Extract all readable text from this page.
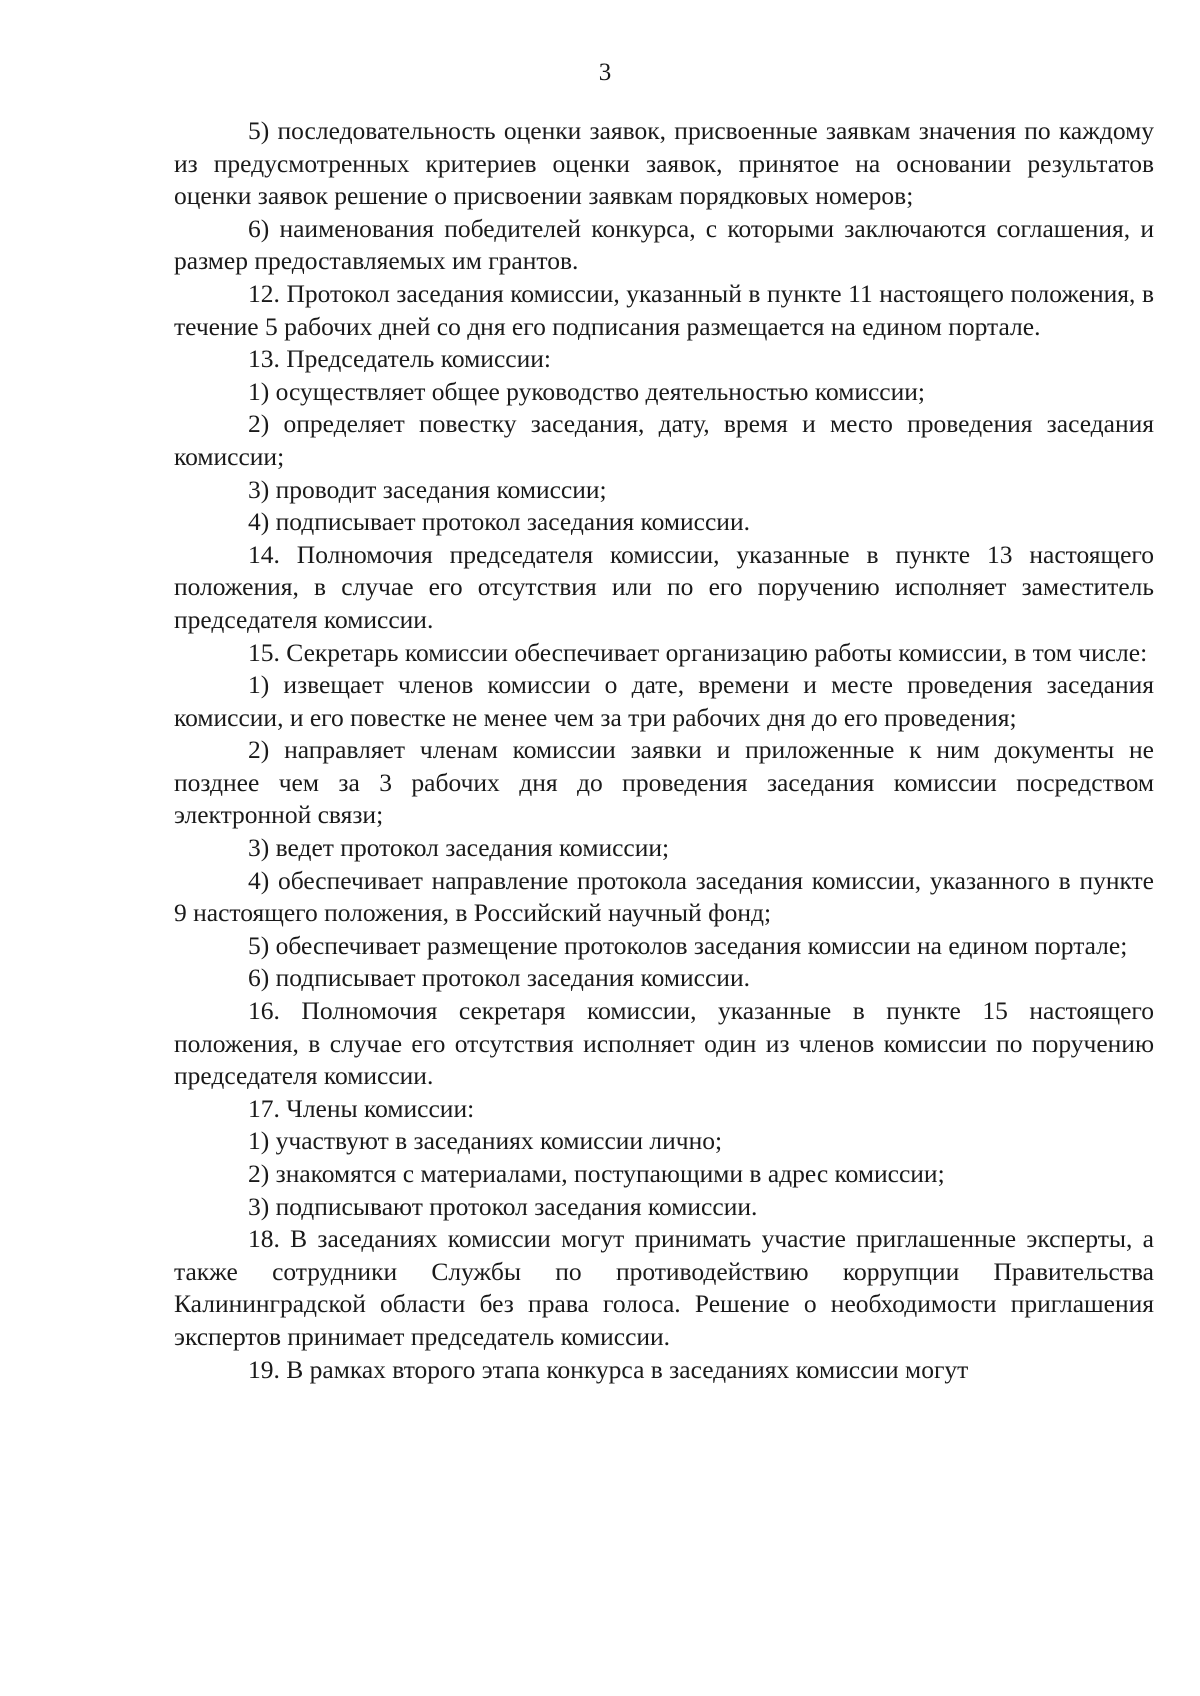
3

5) последовательность оценки заявок, присвоенные заявкам значения по каждому из предусмотренных критериев оценки заявок, принятое на основании результатов оценки заявок решение о присвоении заявкам порядковых номеров;

6) наименования победителей конкурса, с которыми заключаются соглашения, и размер предоставляемых им грантов.

12. Протокол заседания комиссии, указанный в пункте 11 настоящего положения, в течение 5 рабочих дней со дня его подписания размещается на едином портале.

13. Председатель комиссии:

1) осуществляет общее руководство деятельностью комиссии;

2) определяет повестку заседания, дату, время и место проведения заседания комиссии;

3) проводит заседания комиссии;

4) подписывает протокол заседания комиссии.

14. Полномочия председателя комиссии, указанные в пункте 13 настоящего положения, в случае его отсутствия или по его поручению исполняет заместитель председателя комиссии.

15. Секретарь комиссии обеспечивает организацию работы комиссии, в том числе:

1) извещает членов комиссии о дате, времени и месте проведения заседания комиссии, и его повестке не менее чем за три рабочих дня до его проведения;

2) направляет членам комиссии заявки и приложенные к ним документы не позднее чем за 3 рабочих дня до проведения заседания комиссии посредством электронной связи;

3) ведет протокол заседания комиссии;

4) обеспечивает направление протокола заседания комиссии, указанного в пункте 9 настоящего положения, в Российский научный фонд;

5) обеспечивает размещение протоколов заседания комиссии на едином портале;

6) подписывает протокол заседания комиссии.

16. Полномочия секретаря комиссии, указанные в пункте 15 настоящего положения, в случае его отсутствия исполняет один из членов комиссии по поручению председателя комиссии.

17. Члены комиссии:

1) участвуют в заседаниях комиссии лично;

2) знакомятся с материалами, поступающими в адрес комиссии;

3) подписывают протокол заседания комиссии.

18. В заседаниях комиссии могут принимать участие приглашенные эксперты, а также сотрудники Службы по противодействию коррупции Правительства Калининградской области без права голоса. Решение о необходимости приглашения экспертов принимает председатель комиссии.

19. В рамках второго этапа конкурса в заседаниях комиссии могут
